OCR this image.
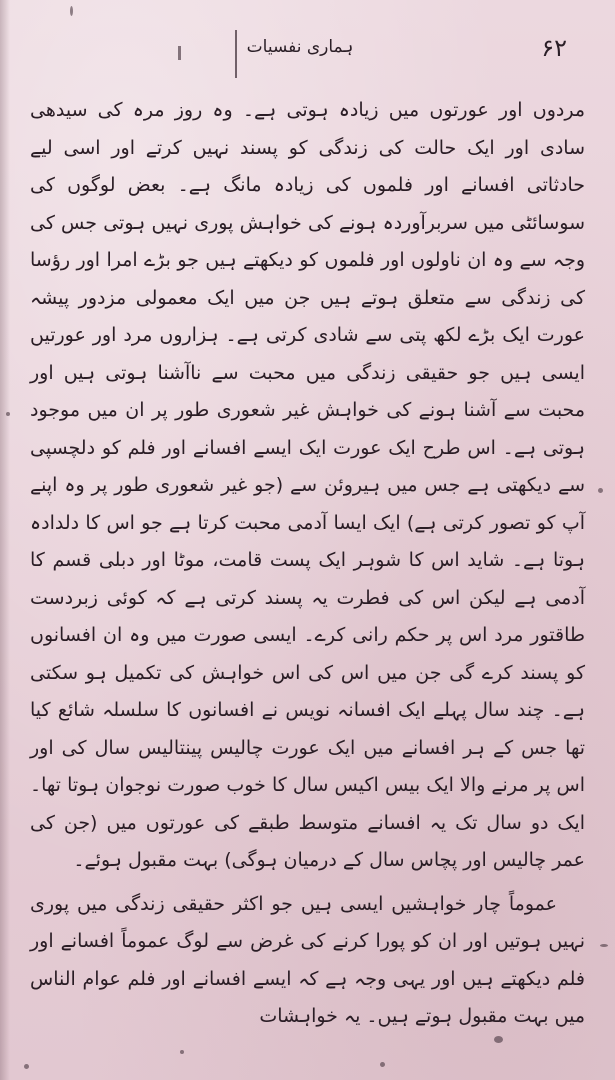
ہماری نفسیات	۶۲

مردوں اور عورتوں میں زیادہ ہوتی ہے۔ وہ روز مرہ کی سیدھی سادی اور ایک حالت کی زندگی کو پسند نہیں کرتے اور اسی لیے حادثاتی افسانے اور فلموں کی زیادہ مانگ ہے۔ بعض لوگوں کی سوسائٹی میں سربرآوردہ ہونے کی خواہش پوری نہیں ہوتی جس کی وجہ سے وہ ان ناولوں اور فلموں کو دیکھتے ہیں جو بڑے امرا اور رؤسا کی زندگی سے متعلق ہوتے ہیں جن میں ایک معمولی مزدور پیشہ عورت ایک بڑے لکھ پتی سے شادی کرتی ہے۔ ہزاروں مرد اور عورتیں ایسی ہیں جو حقیقی زندگی میں محبت سے ناآشنا ہوتی ہیں اور محبت سے آشنا ہونے کی خواہش غیر شعوری طور پر ان میں موجود ہوتی ہے۔ اس طرح ایک عورت ایک ایسے افسانے اور فلم کو دلچسپی سے دیکھتی ہے جس میں ہیروئن سے (جو غیر شعوری طور پر وہ اپنے آپ کو تصور کرتی ہے) ایک ایسا آدمی محبت کرتا ہے جو اس کا دلدادہ ہوتا ہے۔ شاید اس کا شوہر ایک پست قامت، موٹا اور دبلی قسم کا آدمی ہے لیکن اس کی فطرت یہ پسند کرتی ہے کہ کوئی زبردست طاقتور مرد اس پر حکم رانی کرے۔ ایسی صورت میں وہ ان افسانوں کو پسند کرے گی جن میں اس کی اس خواہش کی تکمیل ہو سکتی ہے۔ چند سال پہلے ایک افسانہ نویس نے افسانوں کا سلسلہ شائع کیا تھا جس کے ہر افسانے میں ایک عورت چالیس پینتالیس سال کی اور اس پر مرنے والا ایک بیس اکیس سال کا خوب صورت نوجوان ہوتا تھا۔ ایک دو سال تک یہ افسانے متوسط طبقے کی عورتوں میں (جن کی عمر چالیس اور پچاس سال کے درمیان ہوگی) بہت مقبول ہوئے۔

عموماً چار خواہشیں ایسی ہیں جو اکثر حقیقی زندگی میں پوری نہیں ہوتیں اور ان کو پورا کرنے کی غرض سے لوگ عموماً افسانے اور فلم دیکھتے ہیں اور یہی وجہ ہے کہ ایسے افسانے اور فلم عوام الناس میں بہت مقبول ہوتے ہیں۔ یہ خواہشات
